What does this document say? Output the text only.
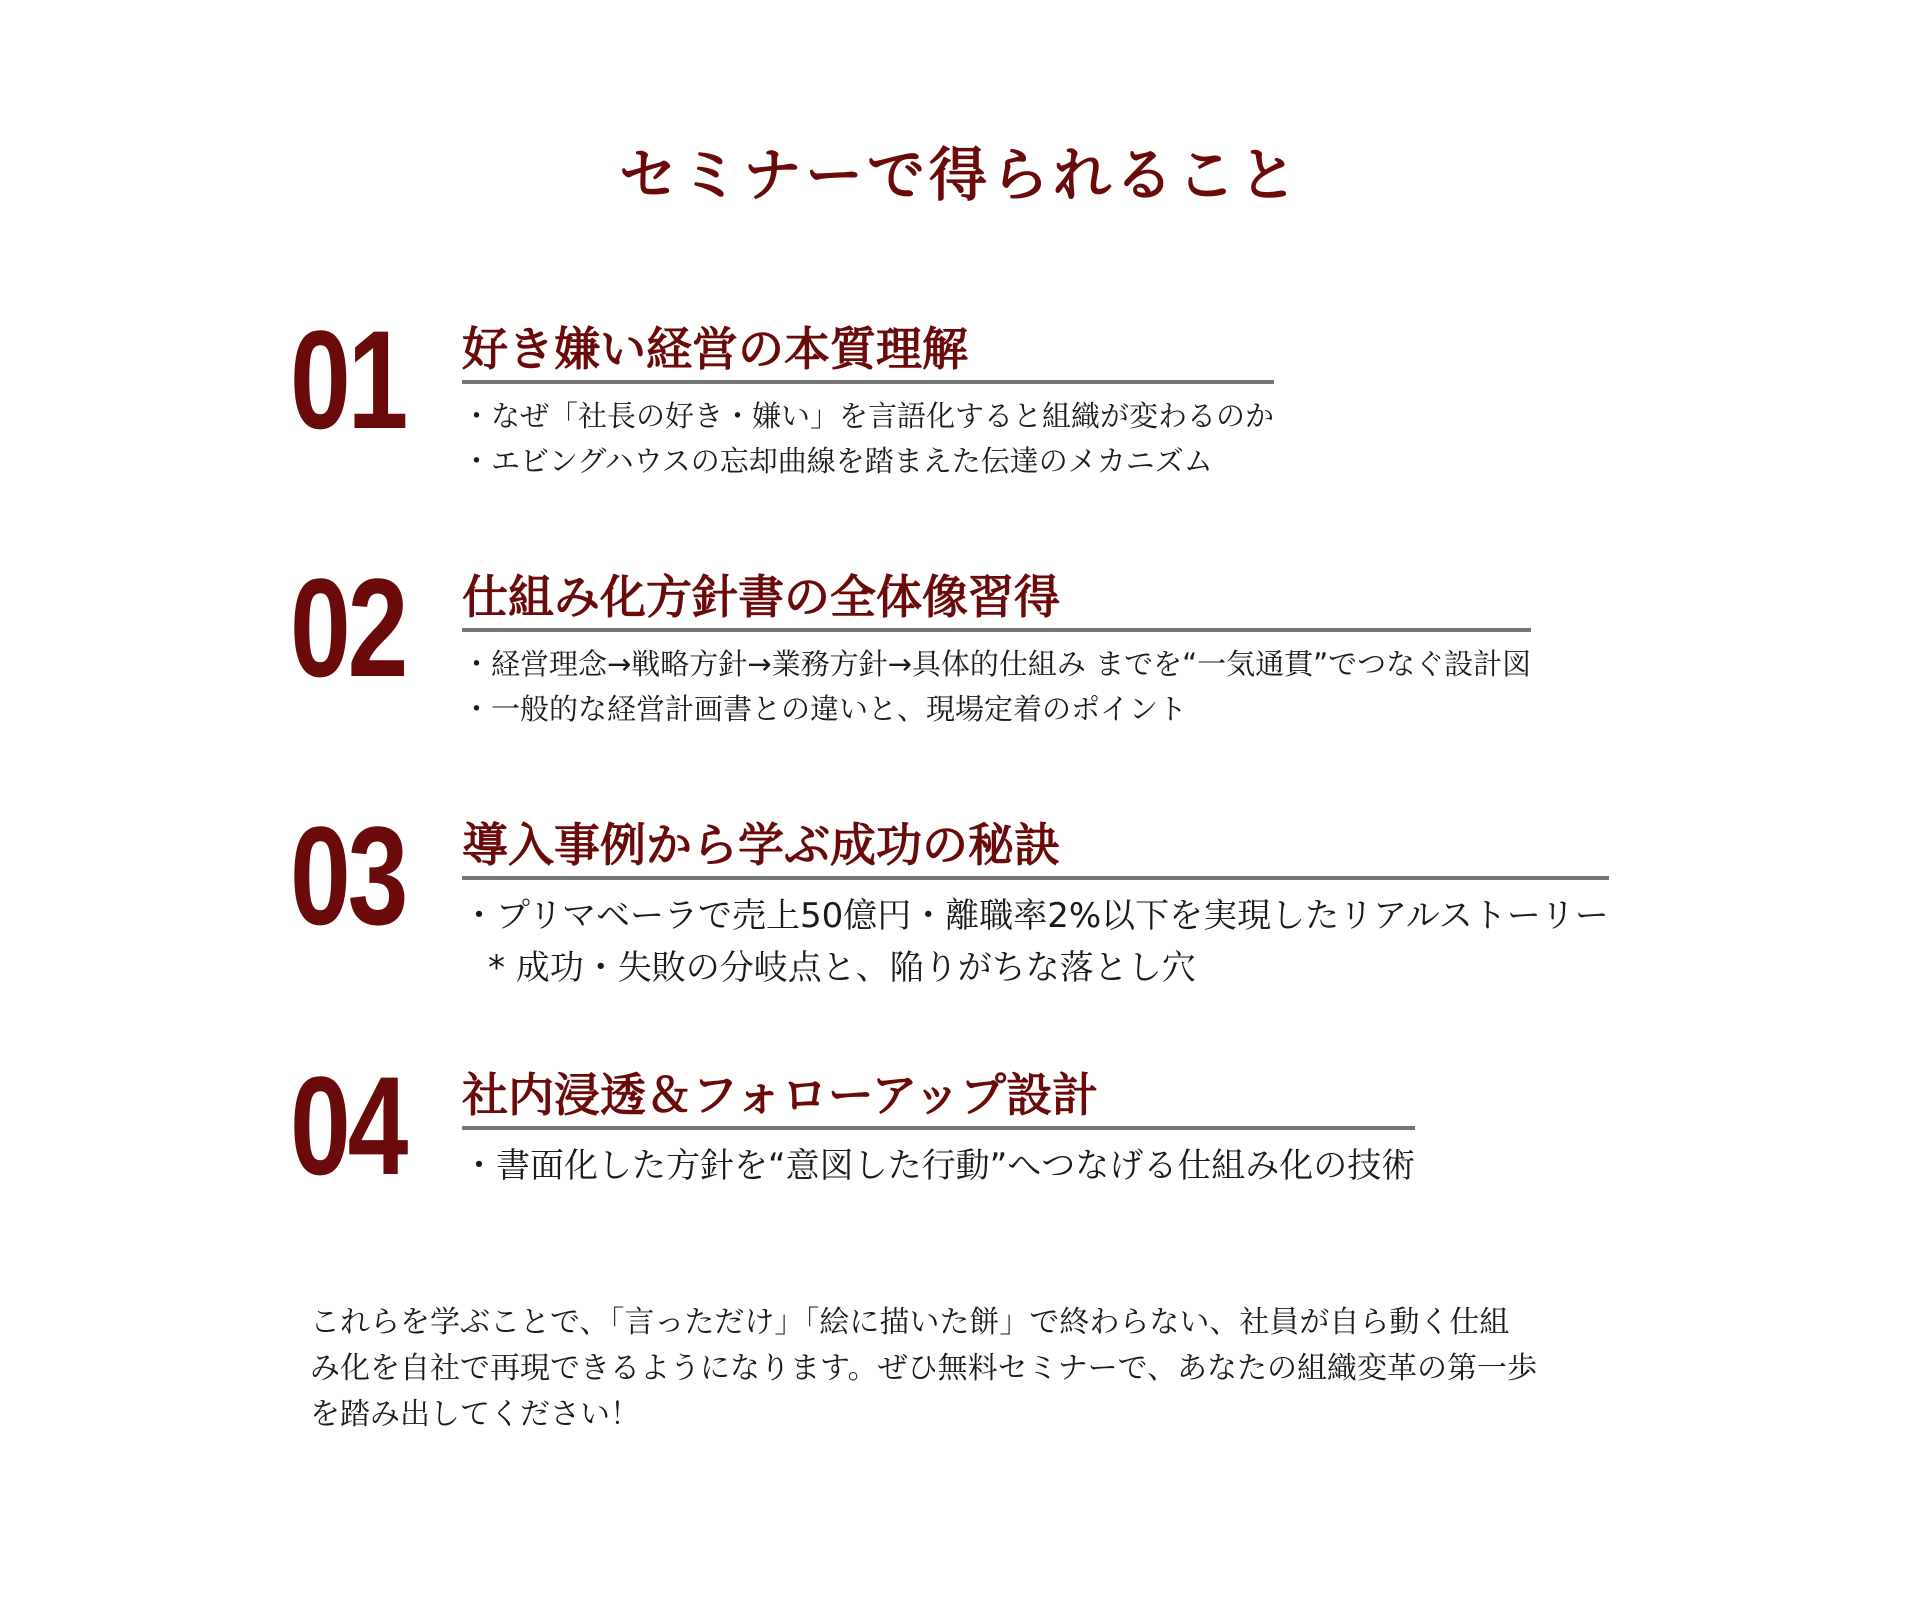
セミナーで得られること
01 好き嫌い経営の本質理解
・なぜ「社長の好き・嫌い」を言語化すると組織が変わるのか
・エビングハウスの忘却曲線を踏まえた伝達のメカニズム
02 仕組み化方針書の全体像習得
・経営理念→戦略方針→業務方針→具体的仕組み までを“一気通貫”でつなぐ設計図
・一般的な経営計画書との違いと、現場定着のポイント
03 導入事例から学ぶ成功の秘訣
・プリマベーラで売上50億円・離職率2%以下を実現したリアルストーリー
* 成功・失敗の分岐点と、陥りがちな落とし穴
04 社内浸透＆フォローアップ設計
・書面化した方針を“意図した行動”へつなげる仕組み化の技術
これらを学ぶことで、「言っただけ」「絵に描いた餅」で終わらない、社員が自ら動く仕組
み化を自社で再現できるようになります。ぜひ無料セミナーで、あなたの組織変革の第一歩
を踏み出してください！
